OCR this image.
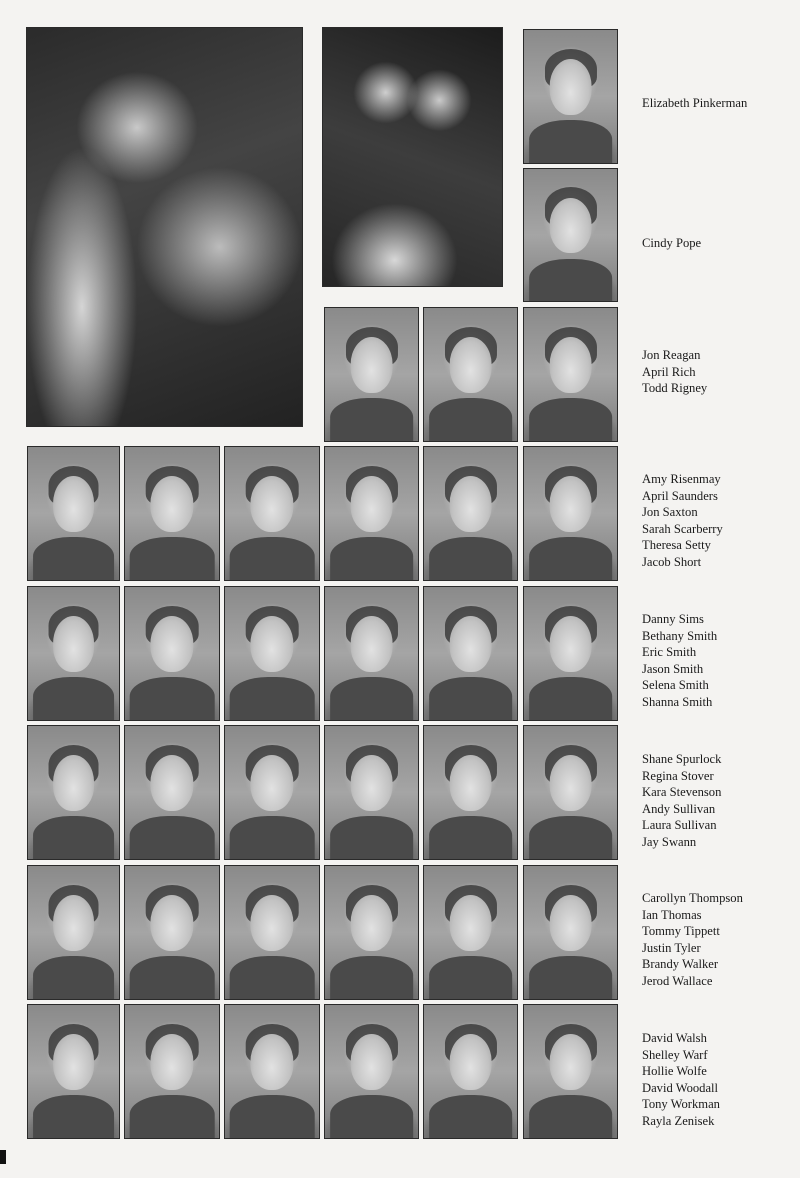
Elizabeth Pinkerman
Cindy Pope
Jon Reagan
April Rich
Todd Rigney
Amy Risenmay
April Saunders
Jon Saxton
Sarah Scarberry
Theresa Setty
Jacob Short
Danny Sims
Bethany Smith
Eric Smith
Jason Smith
Selena Smith
Shanna Smith
Shane Spurlock
Regina Stover
Kara Stevenson
Andy Sullivan
Laura Sullivan
Jay Swann
Carollyn Thompson
Ian Thomas
Tommy Tippett
Justin Tyler
Brandy Walker
Jerod Wallace
David Walsh
Shelley Warf
Hollie Wolfe
David Woodall
Tony Workman
Rayla Zenisek
